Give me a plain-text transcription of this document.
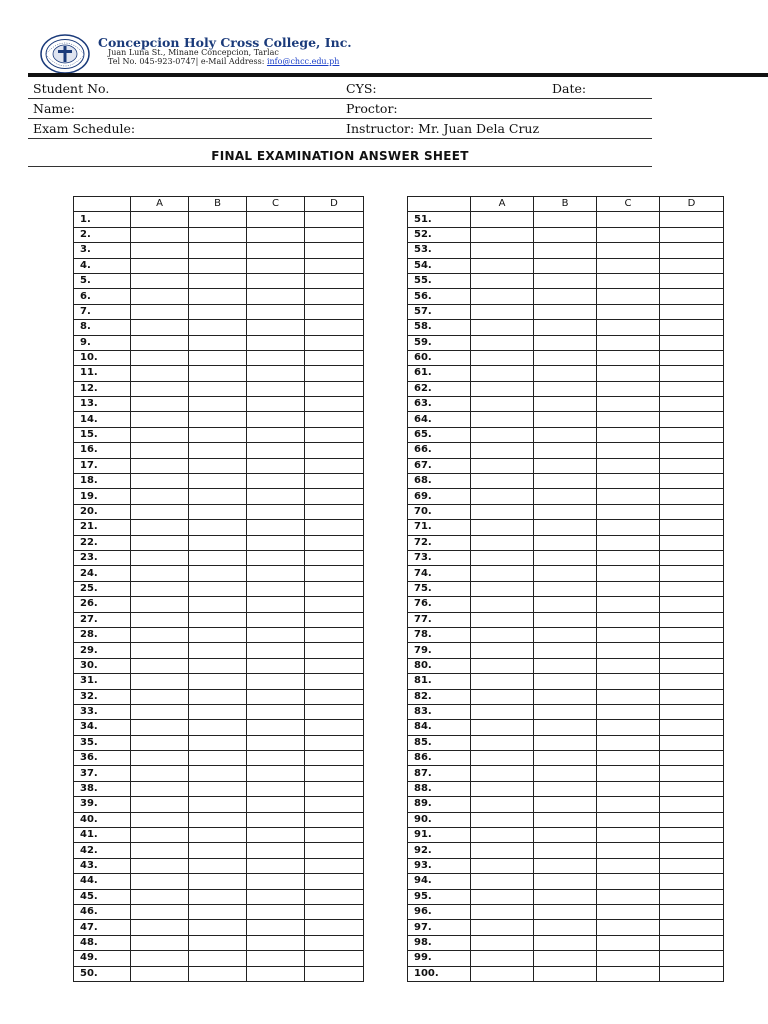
Concepcion Holy Cross College, Inc.
Juan Luna St., Minane Concepcion, Tarlac
Tel No. 045-923-0747| e-Mail Address: info@chcc.edu.ph
Student No.	CYS:	Date:
Name:	Proctor:
Exam Schedule:	Instructor: Mr. Juan Dela Cruz
FINAL EXAMINATION ANSWER SHEET
	A	B	C	D
1.				
2.				
3.				
4.				
5.				
6.				
7.				
8.				
9.				
10.				
11.				
12.				
13.				
14.				
15.				
16.				
17.				
18.				
19.				
20.				
21.				
22.				
23.				
24.				
25.				
26.				
27.				
28.				
29.				
30.				
31.				
32.				
33.				
34.				
35.				
36.				
37.				
38.				
39.				
40.				
41.				
42.				
43.				
44.				
45.				
46.				
47.				
48.				
49.				
50.				
	A	B	C	D
51.				
52.				
53.				
54.				
55.				
56.				
57.				
58.				
59.				
60.				
61.				
62.				
63.				
64.				
65.				
66.				
67.				
68.				
69.				
70.				
71.				
72.				
73.				
74.				
75.				
76.				
77.				
78.				
79.				
80.				
81.				
82.				
83.				
84.				
85.				
86.				
87.				
88.				
89.				
90.				
91.				
92.				
93.				
94.				
95.				
96.				
97.				
98.				
99.				
100.				
